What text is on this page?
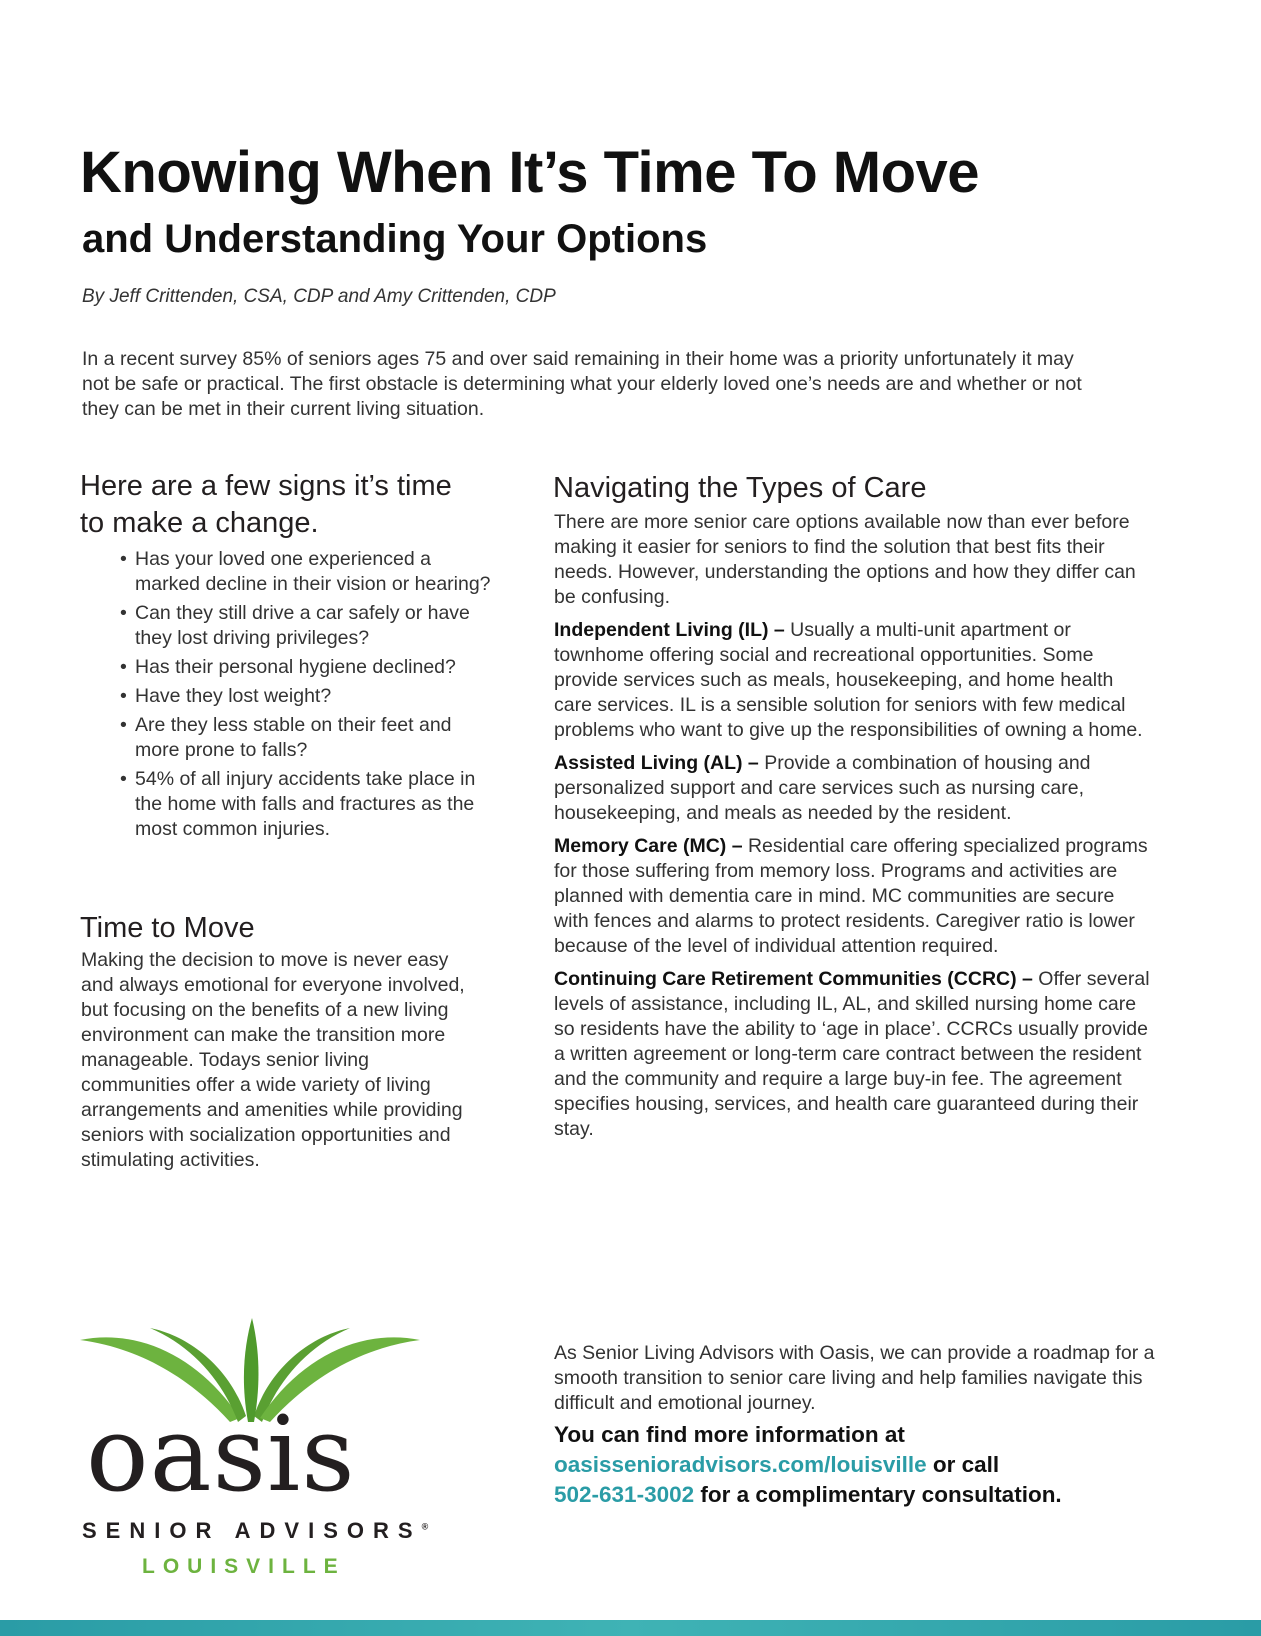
Knowing When It’s Time To Move
and Understanding Your Options

By Jeff Crittenden, CSA, CDP and Amy Crittenden, CDP

In a recent survey 85% of seniors ages 75 and over said remaining in their home was a priority unfortunately it may not be safe or practical. The first obstacle is determining what your elderly loved one’s needs are and whether or not they can be met in their current living situation.

Here are a few signs it’s time to make a change.
• Has your loved one experienced a marked decline in their vision or hearing?
• Can they still drive a car safely or have they lost driving privileges?
• Has their personal hygiene declined?
• Have they lost weight?
• Are they less stable on their feet and more prone to falls?
• 54% of all injury accidents take place in the home with falls and fractures as the most common injuries.
Time to Move

Making the decision to move is never easy and always emotional for everyone involved, but focusing on the benefits of a new living environment can make the transition more manageable. Todays senior living communities offer a wide variety of living arrangements and amenities while providing seniors with socialization opportunities and stimulating activities.

Navigating the Types of Care

There are more senior care options available now than ever before making it easier for seniors to find the solution that best fits their needs. However, understanding the options and how they differ can be confusing.

Independent Living (IL) – Usually a multi-unit apartment or townhome offering social and recreational opportunities. Some provide services such as meals, housekeeping, and home health care services. IL is a sensible solution for seniors with few medical problems who want to give up the responsibilities of owning a home.

Assisted Living (AL) – Provide a combination of housing and personalized support and care services such as nursing care, housekeeping, and meals as needed by the resident.

Memory Care (MC) – Residential care offering specialized programs for those suffering from memory loss. Programs and activities are planned with dementia care in mind. MC communities are secure with fences and alarms to protect residents. Caregiver ratio is lower because of the level of individual attention required.

Continuing Care Retirement Communities (CCRC) – Offer several levels of assistance, including IL, AL, and skilled nursing home care so residents have the ability to ‘age in place’. CCRCs usually provide a written agreement or long-term care contract between the resident and the community and require a large buy-in fee. The agreement specifies housing, services, and health care guaranteed during their stay.

oasis

SENIOR ADVISORS®

LOUISVILLE

As Senior Living Advisors with Oasis, we can provide a roadmap for a smooth transition to senior care living and help families navigate this difficult and emotional journey.

You can find more information at
oasissenioradvisors.com/louisville or call
502-631-3002 for a complimentary consultation.
